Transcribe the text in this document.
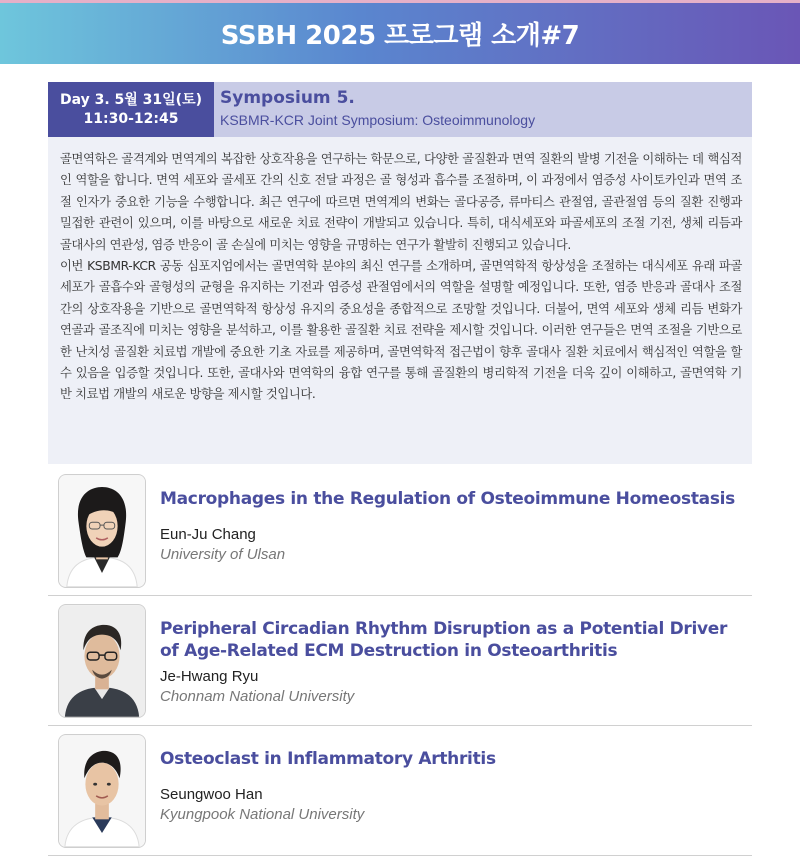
SSBH 2025 프로그램 소개#7
Day 3. 5월 31일(토)
11:30-12:45
Symposium 5.
KSBMR-KCR Joint Symposium: Osteoimmunology

골면역학은 골격계와 면역계의 복잡한 상호작용을 연구하는 학문으로, 다양한 골질환과 면역 질환의 발병 기전을 이해하는 데 핵심적인 역할을 합니다. 면역 세포와 골세포 간의 신호 전달 과정은 골 형성과 흡수를 조절하며, 이 과정에서 염증성 사이토카인과 면역 조절 인자가 중요한 기능을 수행합니다. 최근 연구에 따르면 면역계의 변화는 골다공증, 류마티스 관절염, 골관절염 등의 질환 진행과 밀접한 관련이 있으며, 이를 바탕으로 새로운 치료 전략이 개발되고 있습니다. 특히, 대식세포와 파골세포의 조절 기전, 생체 리듬과 골대사의 연관성, 염증 반응이 골 손실에 미치는 영향을 규명하는 연구가 활발히 진행되고 있습니다.

이번 KSBMR-KCR 공동 심포지엄에서는 골면역학 분야의 최신 연구를 소개하며, 골면역학적 항상성을 조절하는 대식세포 유래 파골세포가 골흡수와 골형성의 균형을 유지하는 기전과 염증성 관절염에서의 역할을 설명할 예정입니다. 또한, 염증 반응과 골대사 조절 간의 상호작용을 기반으로 골면역학적 항상성 유지의 중요성을 종합적으로 조망할 것입니다. 더불어, 면역 세포와 생체 리듬 변화가 연골과 골조직에 미치는 영향을 분석하고, 이를 활용한 골질환 치료 전략을 제시할 것입니다. 이러한 연구들은 면역 조절을 기반으로 한 난치성 골질환 치료법 개발에 중요한 기초 자료를 제공하며, 골면역학적 접근법이 향후 골대사 질환 치료에서 핵심적인 역할을 할 수 있음을 입증할 것입니다. 또한, 골대사와 면역학의 융합 연구를 통해 골질환의 병리학적 기전을 더욱 깊이 이해하고, 골면역학 기반 치료법 개발의 새로운 방향을 제시할 것입니다.

Macrophages in the Regulation of Osteoimmune Homeostasis
Eun-Ju Chang
University of Ulsan
Peripheral Circadian Rhythm Disruption as a Potential Driver of Age-Related ECM Destruction in Osteoarthritis
Je-Hwang Ryu
Chonnam National University
Osteoclast in Inflammatory Arthritis
Seungwoo Han
Kyungpook National University
